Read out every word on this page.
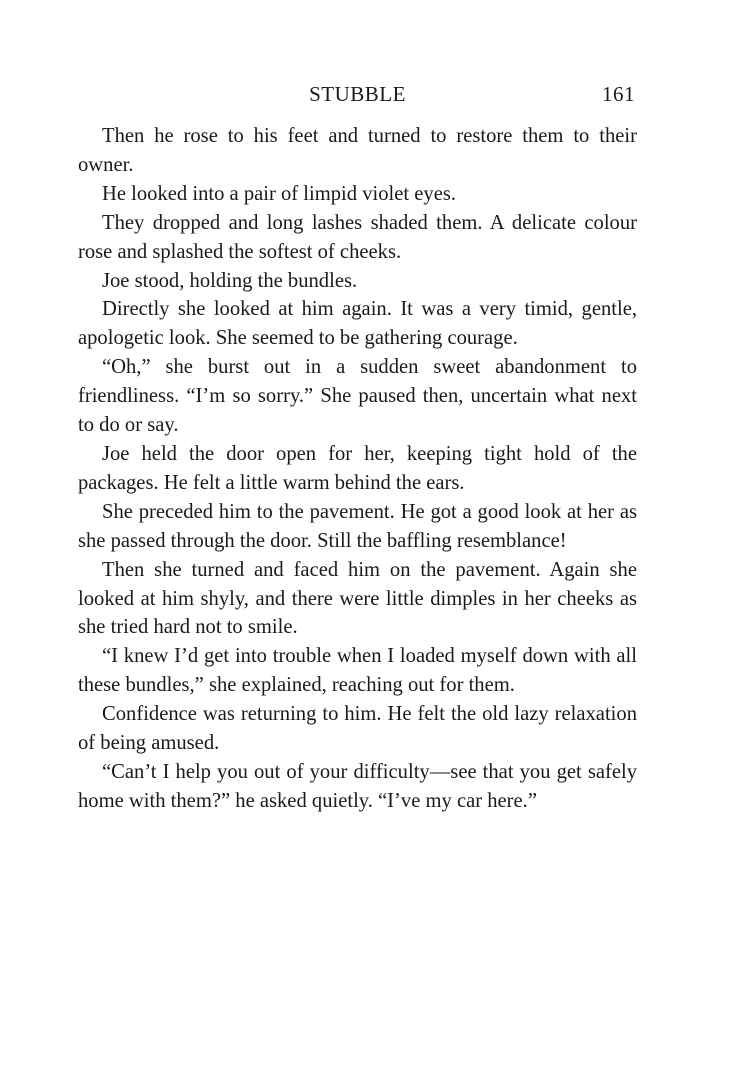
STUBBLE	161

Then he rose to his feet and turned to restore them to their owner.

He looked into a pair of limpid violet eyes.

They dropped and long lashes shaded them. A delicate colour rose and splashed the softest of cheeks.

Joe stood, holding the bundles.

Directly she looked at him again. It was a very timid, gentle, apologetic look. She seemed to be gathering courage.

“Oh,” she burst out in a sudden sweet abandonment to friendliness. “I’m so sorry.” She paused then, uncertain what next to do or say.

Joe held the door open for her, keeping tight hold of the packages. He felt a little warm behind the ears.

She preceded him to the pavement. He got a good look at her as she passed through the door. Still the baffling resemblance!

Then she turned and faced him on the pavement. Again she looked at him shyly, and there were little dimples in her cheeks as she tried hard not to smile.

“I knew I’d get into trouble when I loaded myself down with all these bundles,” she explained, reaching out for them.

Confidence was returning to him. He felt the old lazy relaxation of being amused.

“Can’t I help you out of your difficulty—see that you get safely home with them?” he asked quietly. “I’ve my car here.”
